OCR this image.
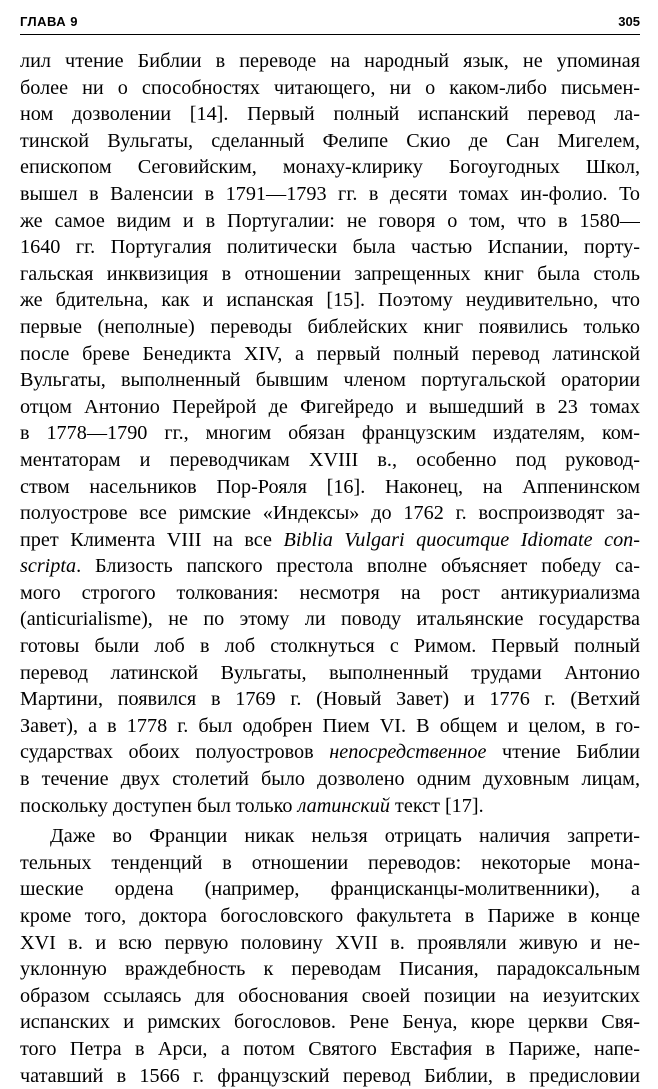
ГЛАВА 9	305
лил чтение Библии в переводе на народный язык, не упоминая
более ни о способностях читающего, ни о каком-либо письмен-
ном дозволении [14]. Первый полный испанский перевод ла-
тинской Вульгаты, сделанный Фелипе Скио де Сан Мигелем,
епископом Сеговийским, монаху-клирику Богоугодных Школ,
вышел в Валенсии в 1791—1793 гг. в десяти томах ин-фолио. То
же самое видим и в Португалии: не говоря о том, что в 1580—
1640 гг. Португалия политически была частью Испании, порту-
гальская инквизиция в отношении запрещенных книг была столь
же бдительна, как и испанская [15]. Поэтому неудивительно, что
первые (неполные) переводы библейских книг появились только
после бреве Бенедикта XIV, а первый полный перевод латинской
Вульгаты, выполненный бывшим членом португальской оратории
отцом Антонио Перейрой де Фигейредо и вышедший в 23 томах
в 1778—1790 гг., многим обязан французским издателям, ком-
ментаторам и переводчикам XVIII в., особенно под руковод-
ством насельников Пор-Рояля [16]. Наконец, на Аппенинском
полуострове все римские «Индексы» до 1762 г. воспроизводят за-
прет Климента VIII на все Biblia Vulgari quocumque Idiomate con-
scripta. Близость папского престола вполне объясняет победу са-
мого строгого толкования: несмотря на рост антикуриализма
(anticurialisme), не по этому ли поводу итальянские государства
готовы были лоб в лоб столкнуться с Римом. Первый полный
перевод латинской Вульгаты, выполненный трудами Антонио
Мартини, появился в 1769 г. (Новый Завет) и 1776 г. (Ветхий
Завет), а в 1778 г. был одобрен Пием VI. В общем и целом, в го-
сударствах обоих полуостровов непосредственное чтение Библии
в течение двух столетий было дозволено одним духовным лицам,
поскольку доступен был только латинский текст [17].
Даже во Франции никак нельзя отрицать наличия запрети-
тельных тенденций в отношении переводов: некоторые мона-
шеские ордена (например, францисканцы-молитвенники), а
кроме того, доктора богословского факультета в Париже в конце
XVI в. и всю первую половину XVII в. проявляли живую и не-
уклонную враждебность к переводам Писания, парадоксальным
образом ссылаясь для обоснования своей позиции на иезуитских
испанских и римских богословов. Рене Бенуа, кюре церкви Свя-
того Петра в Арси, а потом Святого Евстафия в Париже, напе-
чатавший в 1566 г. французский перевод Библии, в предисловии
